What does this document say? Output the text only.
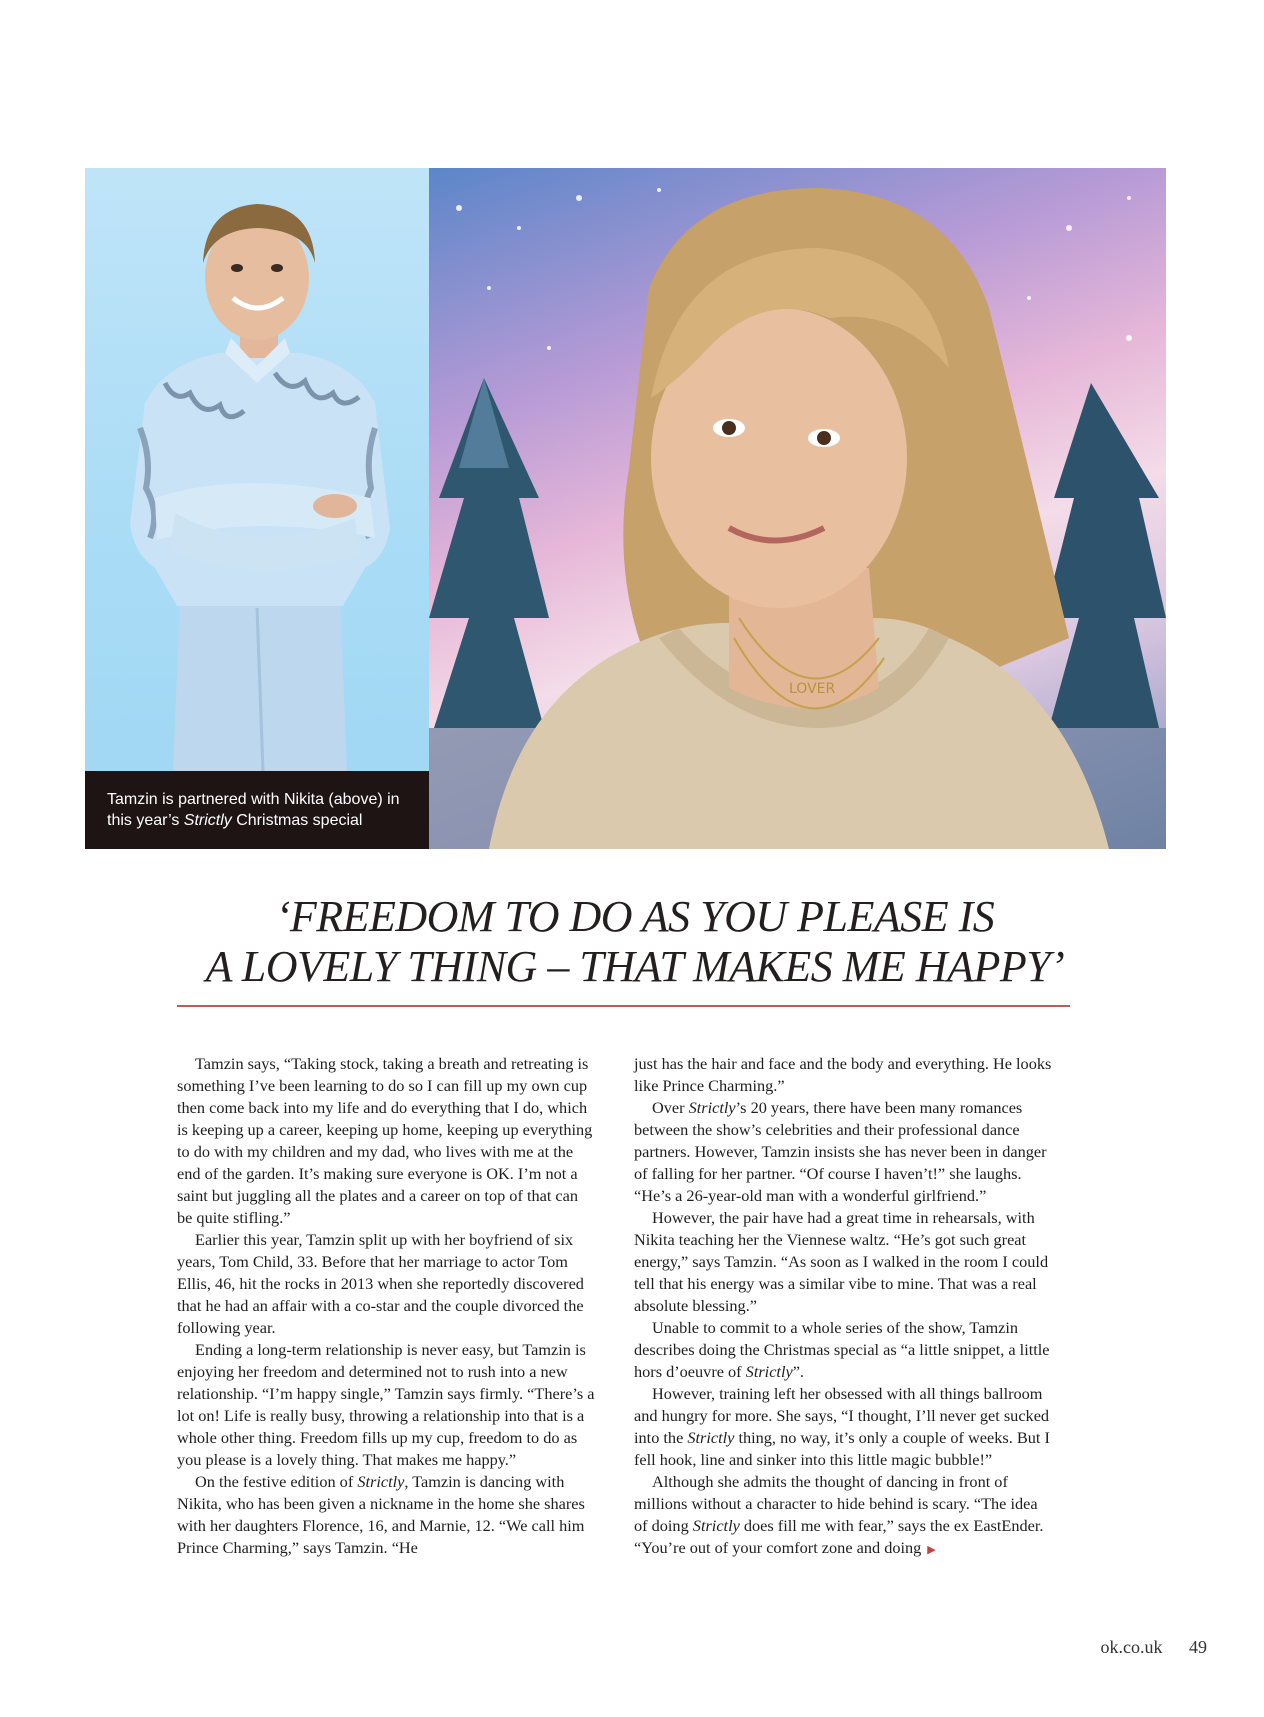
Tamzin is partnered with Nikita (above) in this year’s Strictly Christmas special
LOVER
‘FREEDOM TO DO AS YOU PLEASE IS
A LOVELY THING – THAT MAKES ME HAPPY’

Tamzin says, “Taking stock, taking a breath and retreating is something I’ve been learning to do so I can fill up my own cup then come back into my life and do everything that I do, which is keeping up a career, keeping up home, keeping up everything to do with my children and my dad, who lives with me at the end of the garden. It’s making sure everyone is OK. I’m not a saint but juggling all the plates and a career on top of that can be quite stifling.”

Earlier this year, Tamzin split up with her boyfriend of six years, Tom Child, 33. Before that her marriage to actor Tom Ellis, 46, hit the rocks in 2013 when she reportedly discovered that he had an affair with a co-star and the couple divorced the following year.

Ending a long-term relationship is never easy, but Tamzin is enjoying her freedom and determined not to rush into a new relationship. “I’m happy single,” Tamzin says firmly. “There’s a lot on! Life is really busy, throwing a relationship into that is a whole other thing. Freedom fills up my cup, freedom to do as you please is a lovely thing. That makes me happy.”

On the festive edition of Strictly, Tamzin is dancing with Nikita, who has been given a nickname in the home she shares with her daughters Florence, 16, and Marnie, 12. “We call him Prince Charming,” says Tamzin. “He

just has the hair and face and the body and everything. He looks like Prince Charming.”

Over Strictly’s 20 years, there have been many romances between the show’s celebrities and their professional dance partners. However, Tamzin insists she has never been in danger of falling for her partner. “Of course I haven’t!” she laughs. “He’s a 26-year-old man with a wonderful girlfriend.”

However, the pair have had a great time in rehearsals, with Nikita teaching her the Viennese waltz. “He’s got such great energy,” says Tamzin. “As soon as I walked in the room I could tell that his energy was a similar vibe to mine. That was a real absolute blessing.”

Unable to commit to a whole series of the show, Tamzin describes doing the Christmas special as “a little snippet, a little hors d’oeuvre of Strictly”.

However, training left her obsessed with all things ballroom and hungry for more. She says, “I thought, I’ll never get sucked into the Strictly thing, no way, it’s only a couple of weeks. But I fell hook, line and sinker into this little magic bubble!”

Although she admits the thought of dancing in front of millions without a character to hide behind is scary. “The idea of doing Strictly does fill me with fear,” says the ex EastEnder. “You’re out of your comfort zone and doing ▶

ok.co.uk 49
